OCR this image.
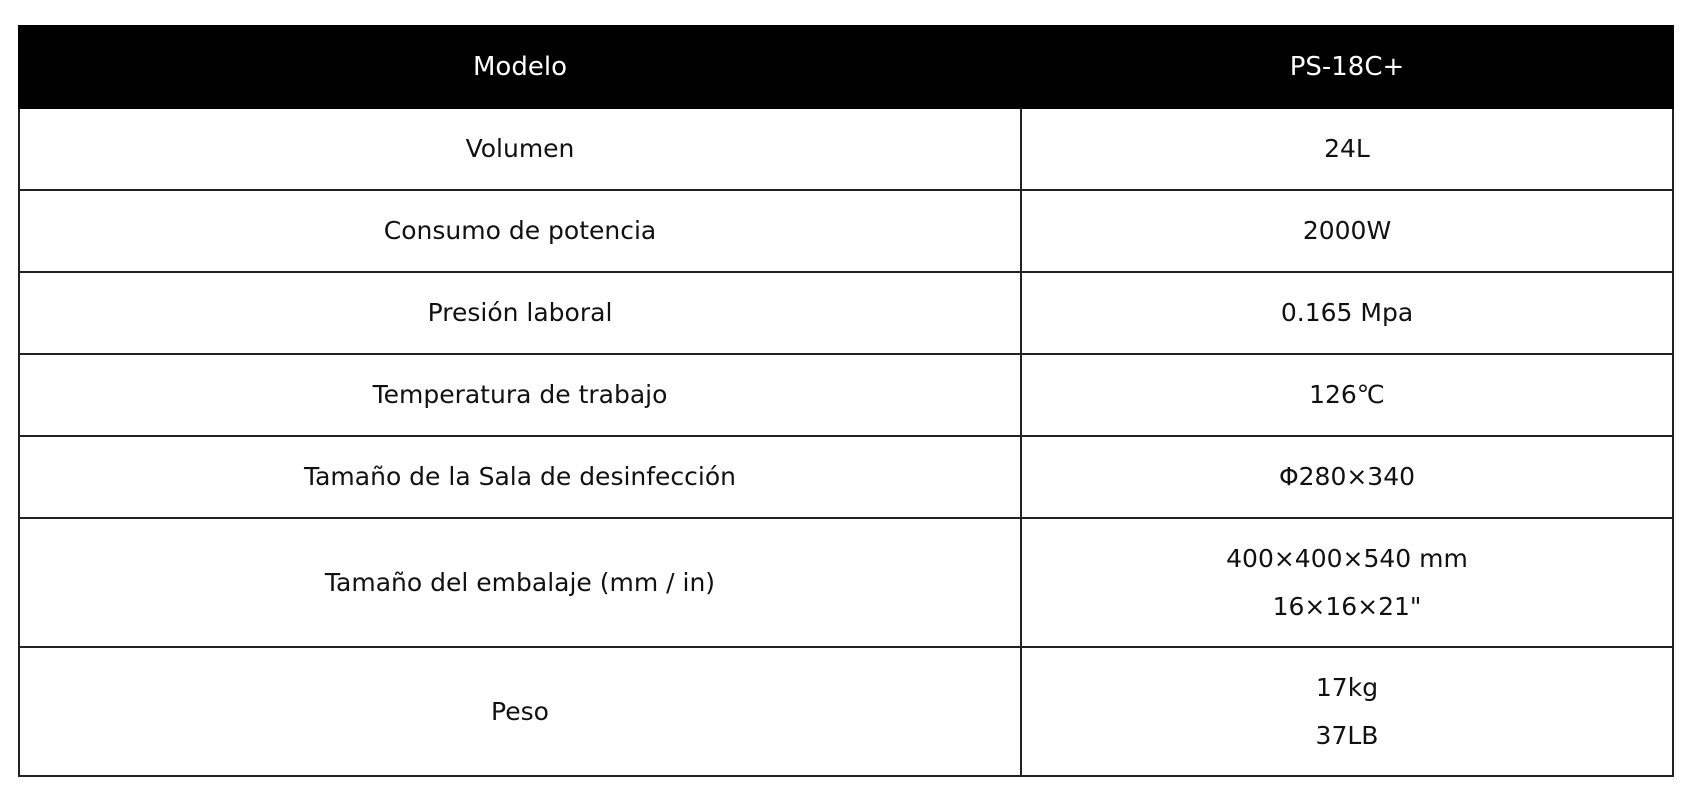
Modelo	PS-18C+
Volumen	24L

Consumo de potencia	2000W

Presión laboral	0.165 Mpa

Temperatura de trabajo	126℃

Tamaño de la Sala de desinfección	Φ280×340

Tamaño del embalaje (mm / in)	400×400×540 mm
16×16×21"

Peso	17kg
37LB
